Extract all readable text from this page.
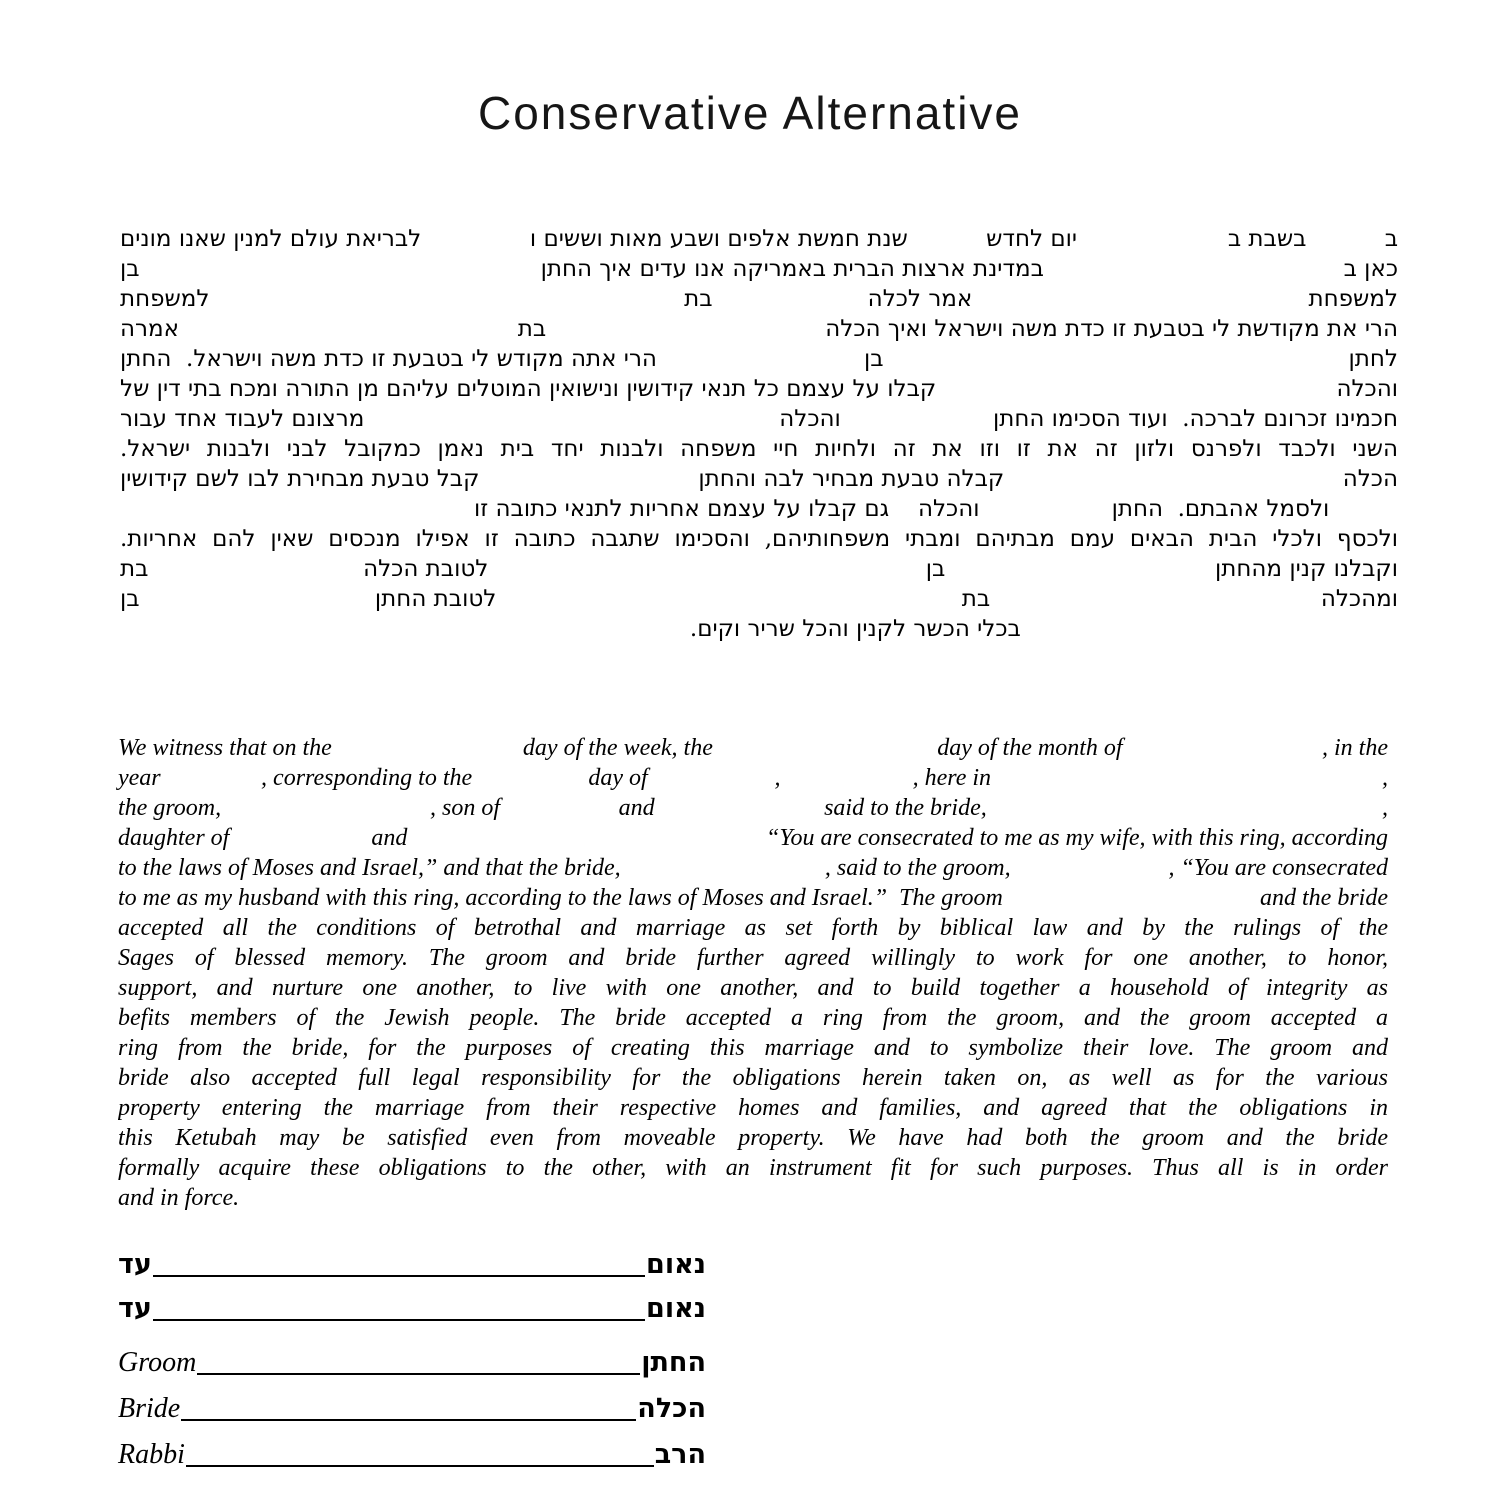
Conservative Alternative
ב
בשבת ב
יום לחדש
שנת חמשת אלפים ושבע מאות וששים ו
לבריאת עולם למנין שאנו מונים
כאן ב
במדינת ארצות הברית באמריקה אנו עדים איך החתן
בן
למשפחת
אמר לכלה
בת
למשפחת
הרי את מקודשת לי בטבעת זו כדת משה וישראל ואיך הכלה
בת
אמרה
לחתן
בן
הרי אתה מקודש לי בטבעת זו כדת משה וישראל.  החתן
והכלה
קבלו על עצמם כל תנאי קידושין ונישואין המוטלים עליהם מן התורה ומכח בתי דין של
חכמינו זכרונם לברכה.  ועוד הסכימו החתן
והכלה
מרצונם לעבוד אחד עבור
השני ולכבד ולפרנס ולזון זה את זו וזו את זה ולחיות חיי משפחה ולבנות יחד בית נאמן כמקובל לבני ולבנות ישראל.
הכלה
קבלה טבעת מבחיר לבה והחתן
קבל טבעת מבחירת לבו לשם קידושין
ולסמל אהבתם.  החתן
והכלה
גם קבלו על עצמם אחריות לתנאי כתובה זו
ולכסף ולכלי הבית הבאים עמם מבתיהם ומבתי משפחותיהם, והסכימו שתגבה כתובה זו אפילו מנכסים שאין להם אחריות.
וקבלנו קנין מהחתן
בן
לטובת הכלה
בת
ומהכלה
בת
לטובת החתן
בן
בכלי הכשר לקנין והכל שריר וקים.
We witness that on the	day of the week, the	day of the month of	, in the
year	, corresponding to the	day of	,	, here in	,
the groom,	, son of	and	said to the bride,	,
daughter of	and	“You are consecrated to me as my wife, with this ring, according
to the laws of Moses and Israel,” and that the bride,	, said to the groom,	, “You are consecrated
to me as my husband with this ring, according to the laws of Moses and Israel.”  The groom	and the bride
accepted all the conditions of betrothal and marriage as set forth by biblical law and by the rulings of the
Sages of blessed memory. The groom and bride further agreed willingly to work for one another, to honor,
support, and nurture one another, to live with one another, and to build together a household of integrity as
befits members of the Jewish people. The bride accepted a ring from the groom, and the groom accepted a
ring from the bride, for the purposes of creating this marriage and to symbolize their love. The groom and
bride also accepted full legal responsibility for the obligations herein taken on, as well as for the various
property entering the marriage from their respective homes and families, and agreed that the obligations in
this Ketubah may be satisfied even from moveable property. We have had both the groom and the bride
formally acquire these obligations to the other, with an instrument fit for such purposes. Thus all is in order
and in force.
עד	נאום
עד	נאום
Groom	החתן
Bride	הכלה
Rabbi	הרב
